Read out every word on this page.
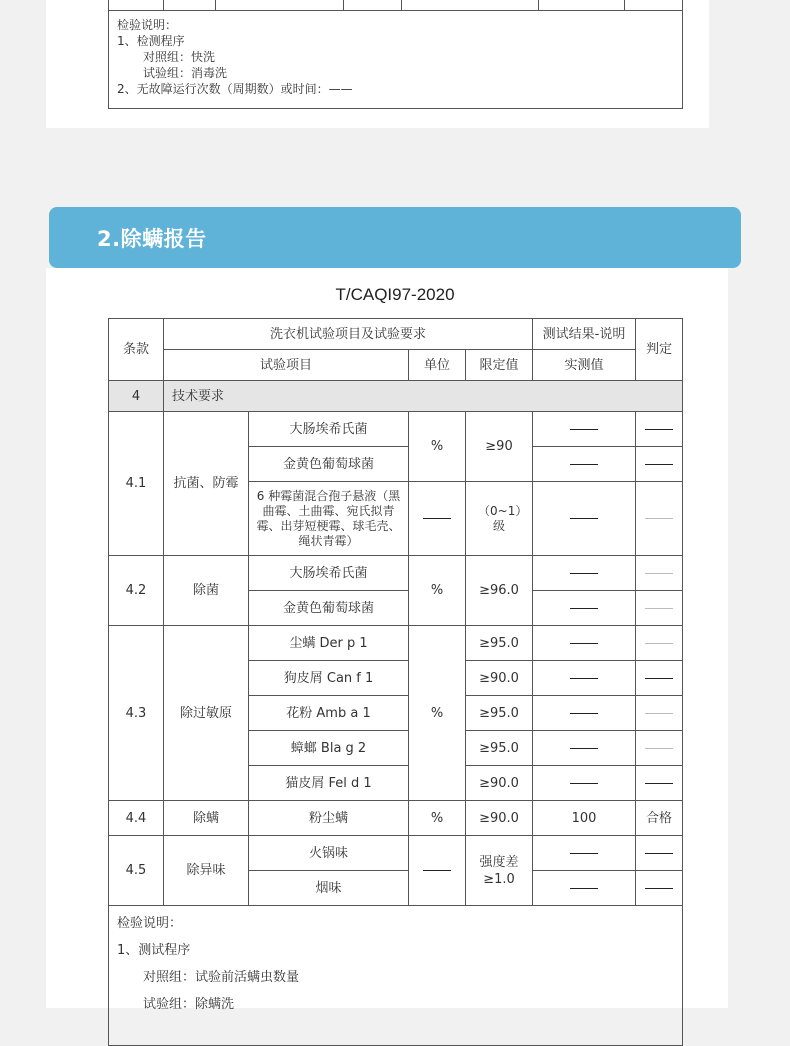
检验说明：
1、检测程序
对照组：快洗
试验组：消毒洗
2、无故障运行次数（周期数）或时间：——
2.除螨报告
T/CAQI97-2020
条款	洗衣机试验项目及试验要求				测试结果-说明	判定
	试验项目		单位	限定值	实测值	
4	技术要求					
4.1	抗菌、防霉	大肠埃希氏菌	%	≥90		
		金黄色葡萄球菌				
		6 种霉菌混合孢子悬液（黑曲霉、土曲霉、宛氏拟青霉、出芽短梗霉、球毛壳、绳状青霉）		（0~1）级		
4.2	除菌	大肠埃希氏菌	%	≥96.0		
		金黄色葡萄球菌				
4.3	除过敏原	尘螨 Der p 1	%	≥95.0		
		狗皮屑 Can f 1		≥90.0		
		花粉 Amb a 1		≥95.0		
		蟑螂 Bla g 2		≥95.0		
		猫皮屑 Fel d 1		≥90.0		
4.4	除螨	粉尘螨	%	≥90.0	100	合格
4.5	除异味	火锅味		强度差≥1.0		
		烟味				

检验说明：
1、测试程序
对照组：试验前活螨虫数量
试验组：除螨洗						
